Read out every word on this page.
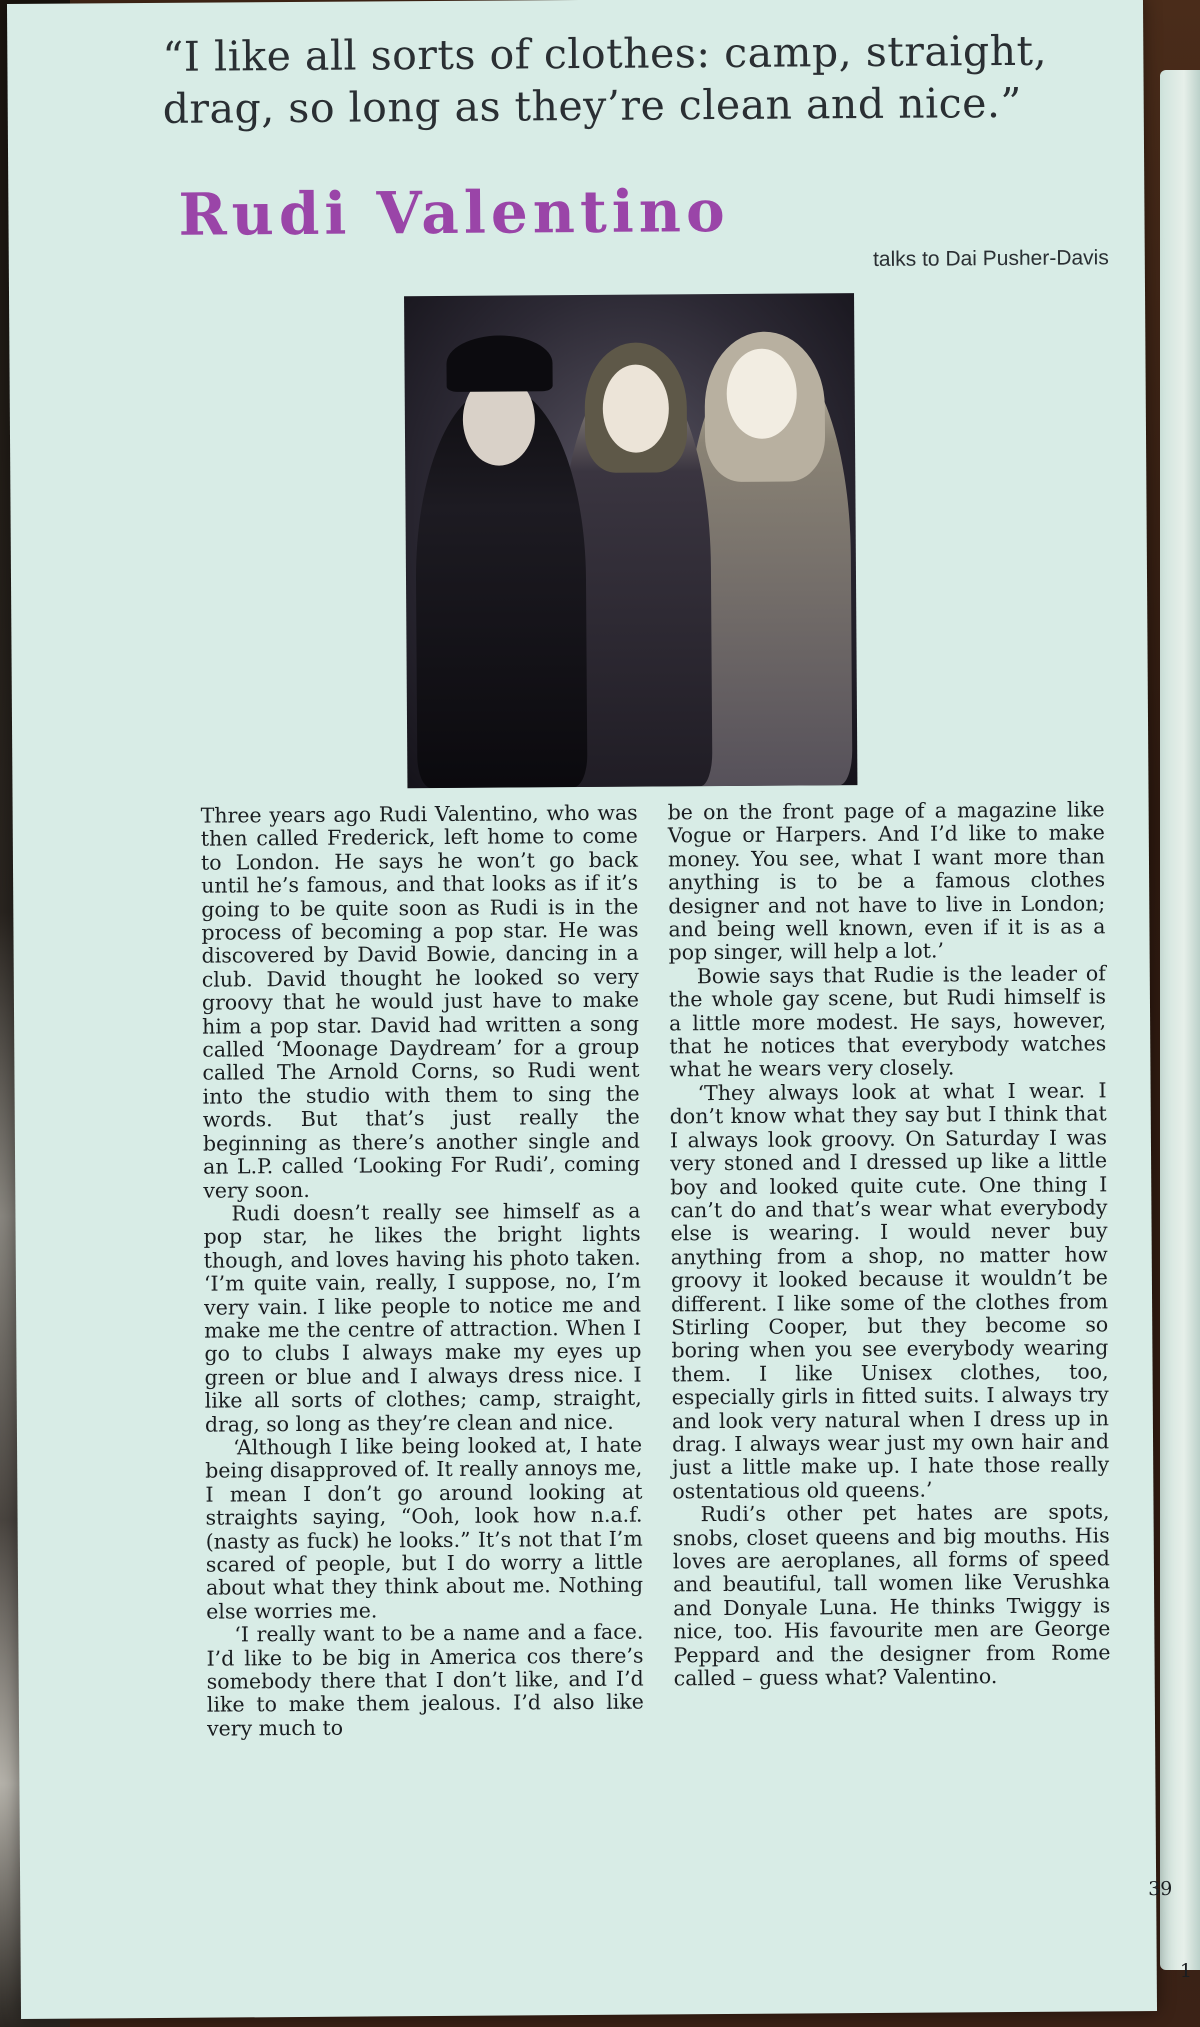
1
“I like all sorts of clothes: camp, straight, drag, so long as they’re clean and nice.”
Rudi Valentino
talks to Dai Pusher-Davis

Three years ago Rudi Valentino, who was then called Frederick, left home to come to London. He says he won’t go back until he’s famous, and that looks as if it’s going to be quite soon as Rudi is in the process of becoming a pop star. He was discovered by David Bowie, dancing in a club. David thought he looked so very groovy that he would just have to make him a pop star. David had written a song called ‘Moonage Daydream’ for a group called The Arnold Corns, so Rudi went into the studio with them to sing the words. But that’s just really the beginning as there’s another single and an L.P. called ‘Looking For Rudi’, coming very soon.

Rudi doesn’t really see himself as a pop star, he likes the bright lights though, and loves having his photo taken. ‘I’m quite vain, really, I suppose, no, I’m very vain. I like people to notice me and make me the centre of attraction. When I go to clubs I always make my eyes up green or blue and I always dress nice. I like all sorts of clothes; camp, straight, drag, so long as they’re clean and nice.

‘Although I like being looked at, I hate being disapproved of. It really annoys me, I mean I don’t go around looking at straights saying, “Ooh, look how n.a.f. (nasty as fuck) he looks.” It’s not that I’m scared of people, but I do worry a little about what they think about me. Nothing else worries me.

‘I really want to be a name and a face. I’d like to be big in America cos there’s somebody there that I don’t like, and I’d like to make them jealous. I’d also like very much to

be on the front page of a magazine like Vogue or Harpers. And I’d like to make money. You see, what I want more than anything is to be a famous clothes designer and not have to live in London; and being well known, even if it is as a pop singer, will help a lot.’

Bowie says that Rudie is the leader of the whole gay scene, but Rudi himself is a little more modest. He says, however, that he notices that everybody watches what he wears very closely.

‘They always look at what I wear. I don’t know what they say but I think that I always look groovy. On Saturday I was very stoned and I dressed up like a little boy and looked quite cute. One thing I can’t do and that’s wear what everybody else is wearing. I would never buy anything from a shop, no matter how groovy it looked because it wouldn’t be different. I like some of the clothes from Stirling Cooper, but they become so boring when you see everybody wearing them. I like Unisex clothes, too, especially girls in fitted suits. I always try and look very natural when I dress up in drag. I always wear just my own hair and just a little make up. I hate those really ostentatious old queens.’

Rudi’s other pet hates are spots, snobs, closet queens and big mouths. His loves are aeroplanes, all forms of speed and beautiful, tall women like Verushka and Donyale Luna. He thinks Twiggy is nice, too. His favourite men are George Peppard and the designer from Rome called – guess what? Valentino.

39
